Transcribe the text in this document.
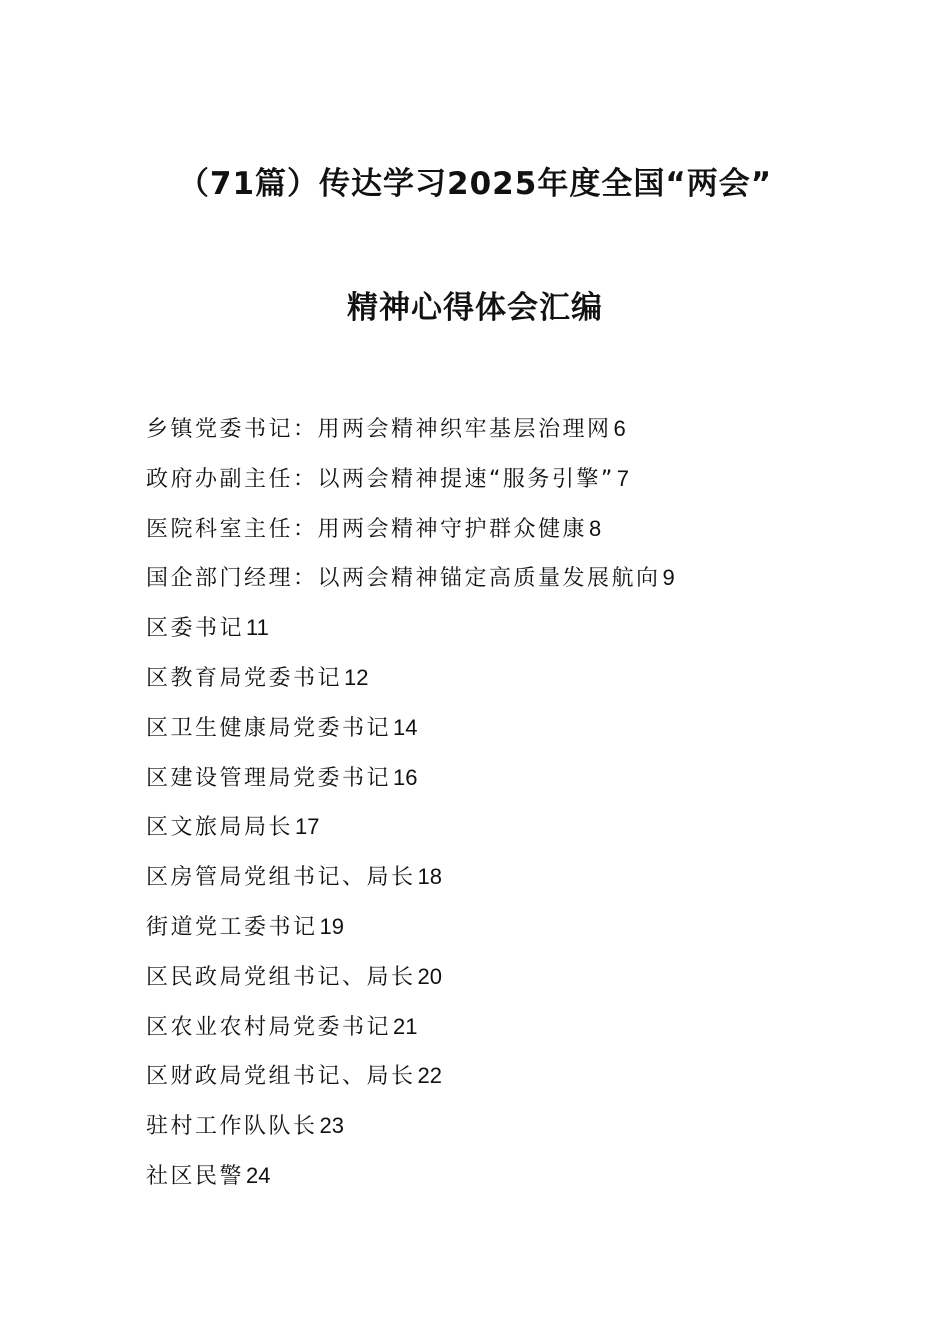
（71篇）传达学习2025年度全国“两会”
精神心得体会汇编
乡镇党委书记：用两会精神织牢基层治理网6
政府办副主任：以两会精神提速“服务引擎”7
医院科室主任：用两会精神守护群众健康8
国企部门经理：以两会精神锚定高质量发展航向9
区委书记11
区教育局党委书记12
区卫生健康局党委书记14
区建设管理局党委书记16
区文旅局局长17
区房管局党组书记、局长18
街道党工委书记19
区民政局党组书记、局长20
区农业农村局党委书记21
区财政局党组书记、局长22
驻村工作队队长23
社区民警24
